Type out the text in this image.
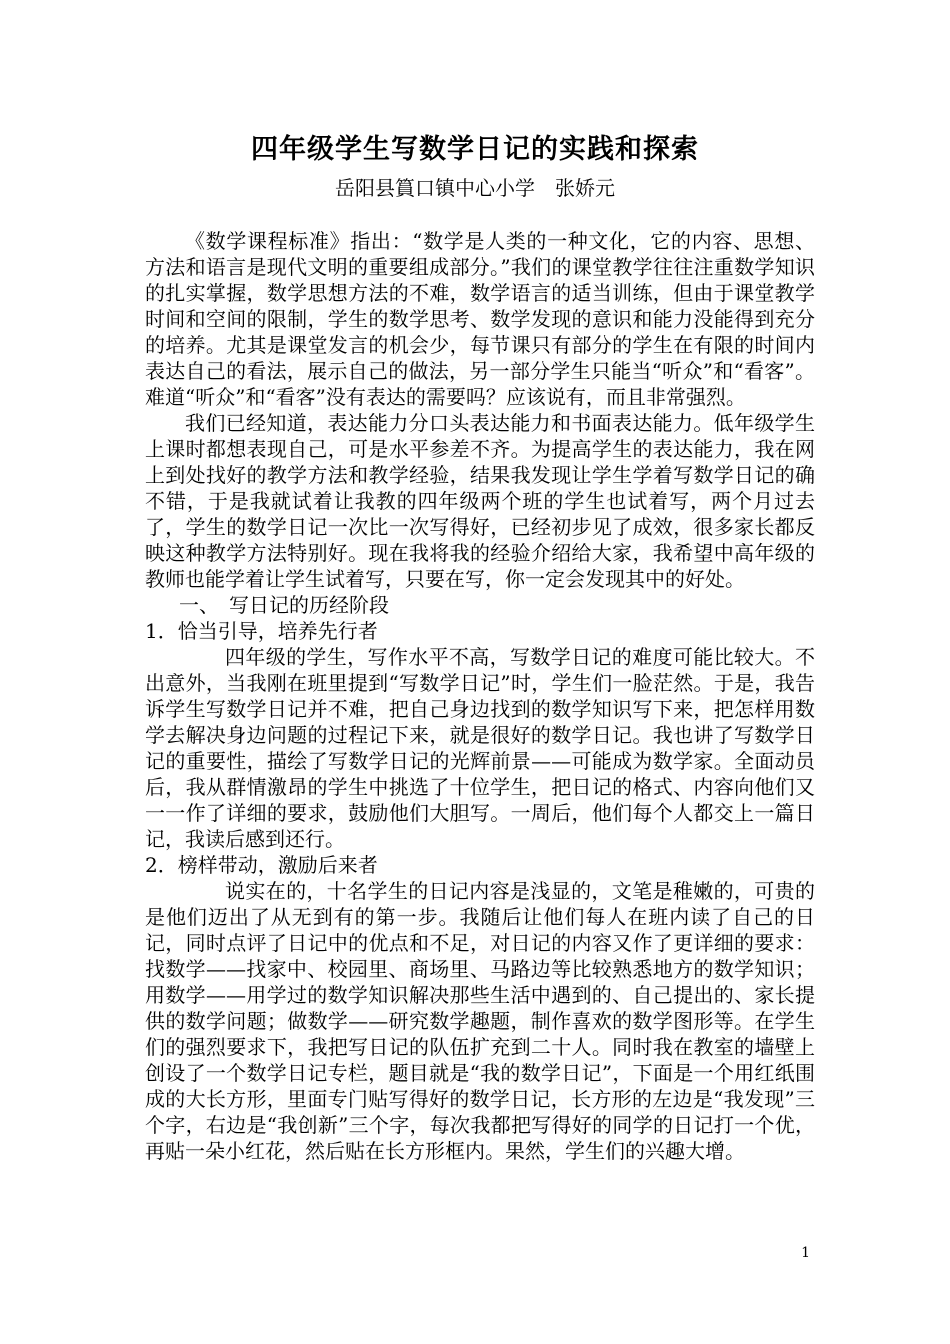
四年级学生写数学日记的实践和探索
岳阳县篔口镇中心小学　张娇元

《数学课程标准》指出：“数学是人类的一种文化，它的内容、思想、方法和语言是现代文明的重要组成部分。”我们的课堂教学往往注重数学知识的扎实掌握，数学思想方法的不难，数学语言的适当训练，但由于课堂教学时间和空间的限制，学生的数学思考、数学发现的意识和能力没能得到充分的培养。尤其是课堂发言的机会少，每节课只有部分的学生在有限的时间内表达自己的看法，展示自己的做法，另一部分学生只能当“听众”和“看客”。难道“听众”和“看客”没有表达的需要吗？应该说有，而且非常强烈。

我们已经知道，表达能力分口头表达能力和书面表达能力。低年级学生上课时都想表现自己，可是水平参差不齐。为提高学生的表达能力，我在网上到处找好的教学方法和教学经验，结果我发现让学生学着写数学日记的确不错，于是我就试着让我教的四年级两个班的学生也试着写，两个月过去了，学生的数学日记一次比一次写得好，已经初步见了成效，很多家长都反映这种教学方法特别好。现在我将我的经验介绍给大家，我希望中高年级的教师也能学着让学生试着写，只要在写，你一定会发现其中的好处。

一、　写日记的历经阶段

1．恰当引导，培养先行者

四年级的学生，写作水平不高，写数学日记的难度可能比较大。不出意外，当我刚在班里提到“写数学日记”时，学生们一脸茫然。于是，我告诉学生写数学日记并不难，把自己身边找到的数学知识写下来，把怎样用数学去解决身边问题的过程记下来，就是很好的数学日记。我也讲了写数学日记的重要性，描绘了写数学日记的光辉前景——可能成为数学家。全面动员后，我从群情激昂的学生中挑选了十位学生，把日记的格式、内容向他们又一一作了详细的要求，鼓励他们大胆写。一周后，他们每个人都交上一篇日记，我读后感到还行。

2．榜样带动，激励后来者

说实在的，十名学生的日记内容是浅显的，文笔是稚嫩的，可贵的是他们迈出了从无到有的第一步。我随后让他们每人在班内读了自己的日记，同时点评了日记中的优点和不足，对日记的内容又作了更详细的要求：找数学——找家中、校园里、商场里、马路边等比较熟悉地方的数学知识；用数学——用学过的数学知识解决那些生活中遇到的、自己提出的、家长提供的数学问题；做数学——研究数学趣题，制作喜欢的数学图形等。在学生们的强烈要求下，我把写日记的队伍扩充到二十人。同时我在教室的墙壁上创设了一个数学日记专栏，题目就是“我的数学日记”，下面是一个用红纸围成的大长方形，里面专门贴写得好的数学日记，长方形的左边是“我发现”三个字，右边是“我创新”三个字，每次我都把写得好的同学的日记打一个优，再贴一朵小红花，然后贴在长方形框内。果然，学生们的兴趣大增。

1
